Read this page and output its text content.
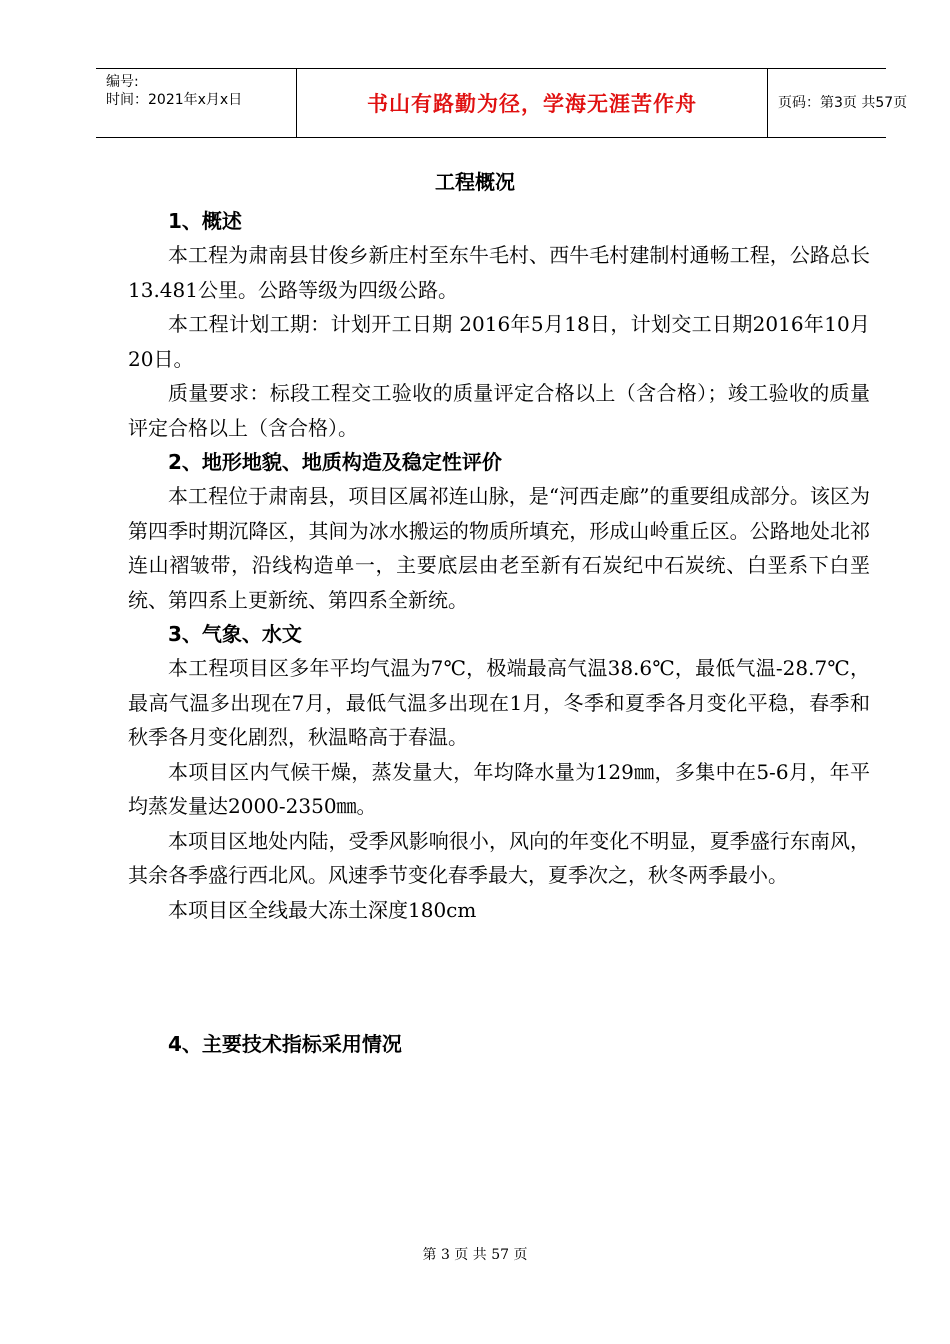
编号:
时间：2021年x月x日	书山有路勤为径，学海无涯苦作舟	页码：第3页 共57页
工程概况
1、概述

本工程为肃南县甘俊乡新庄村至东牛毛村、西牛毛村建制村通畅工程，公路总长13.481公里。公路等级为四级公路。

本工程计划工期：计划开工日期 2016年5月18日，计划交工日期2016年10月20日。

质量要求：标段工程交工验收的质量评定合格以上（含合格）；竣工验收的质量评定合格以上（含合格）。

2、地形地貌、地质构造及稳定性评价

本工程位于肃南县，项目区属祁连山脉，是“河西走廊”的重要组成部分。该区为第四季时期沉降区，其间为冰水搬运的物质所填充，形成山岭重丘区。公路地处北祁连山褶皱带，沿线构造单一，主要底层由老至新有石炭纪中石炭统、白垩系下白垩统、第四系上更新统、第四系全新统。

3、气象、水文

本工程项目区多年平均气温为7℃，极端最高气温38.6℃，最低气温-28.7℃，最高气温多出现在7月，最低气温多出现在1月，冬季和夏季各月变化平稳，春季和秋季各月变化剧烈，秋温略高于春温。

本项目区内气候干燥，蒸发量大，年均降水量为129㎜，多集中在5-6月，年平均蒸发量达2000-2350㎜。

本项目区地处内陆，受季风影响很小，风向的年变化不明显，夏季盛行东南风，其余各季盛行西北风。风速季节变化春季最大，夏季次之，秋冬两季最小。

本项目区全线最大冻土深度180cm

4、主要技术指标采用情况
第 3 页 共 57 页
